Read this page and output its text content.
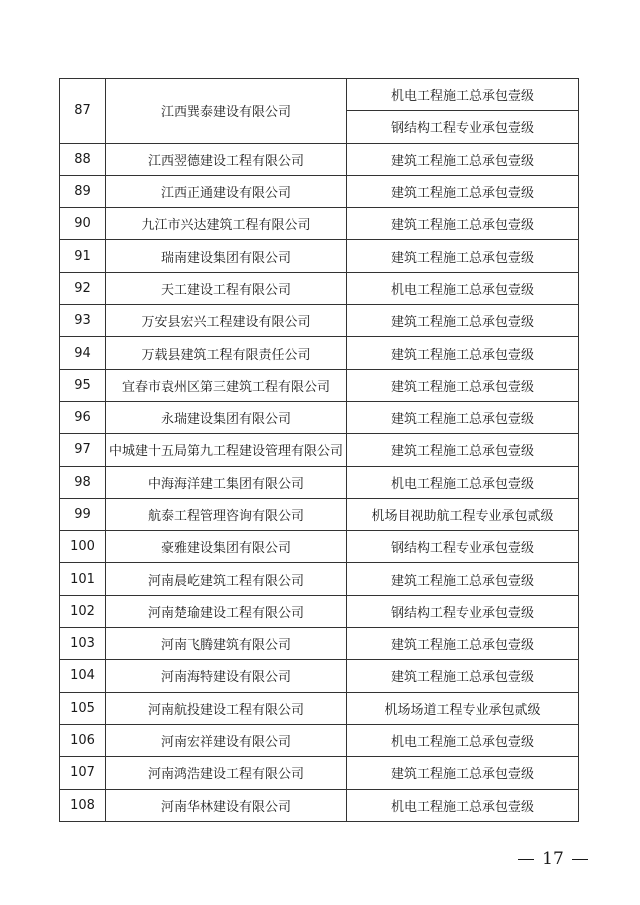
87	江西巽泰建设有限公司	机电工程施工总承包壹级
		钢结构工程专业承包壹级
88	江西翌德建设工程有限公司	建筑工程施工总承包壹级
89	江西正通建设有限公司	建筑工程施工总承包壹级
90	九江市兴达建筑工程有限公司	建筑工程施工总承包壹级
91	瑞南建设集团有限公司	建筑工程施工总承包壹级
92	天工建设工程有限公司	机电工程施工总承包壹级
93	万安县宏兴工程建设有限公司	建筑工程施工总承包壹级
94	万载县建筑工程有限责任公司	建筑工程施工总承包壹级
95	宜春市袁州区第三建筑工程有限公司	建筑工程施工总承包壹级
96	永瑞建设集团有限公司	建筑工程施工总承包壹级
97	中城建十五局第九工程建设管理有限公司	建筑工程施工总承包壹级
98	中海海洋建工集团有限公司	机电工程施工总承包壹级
99	航泰工程管理咨询有限公司	机场目视助航工程专业承包贰级
100	豪雅建设集团有限公司	钢结构工程专业承包壹级
101	河南晨屹建筑工程有限公司	建筑工程施工总承包壹级
102	河南楚瑜建设工程有限公司	钢结构工程专业承包壹级
103	河南飞腾建筑有限公司	建筑工程施工总承包壹级
104	河南海特建设有限公司	建筑工程施工总承包壹级
105	河南航投建设工程有限公司	机场场道工程专业承包贰级
106	河南宏祥建设有限公司	机电工程施工总承包壹级
107	河南鸿浩建设工程有限公司	建筑工程施工总承包壹级
108	河南华林建设有限公司	机电工程施工总承包壹级
17
